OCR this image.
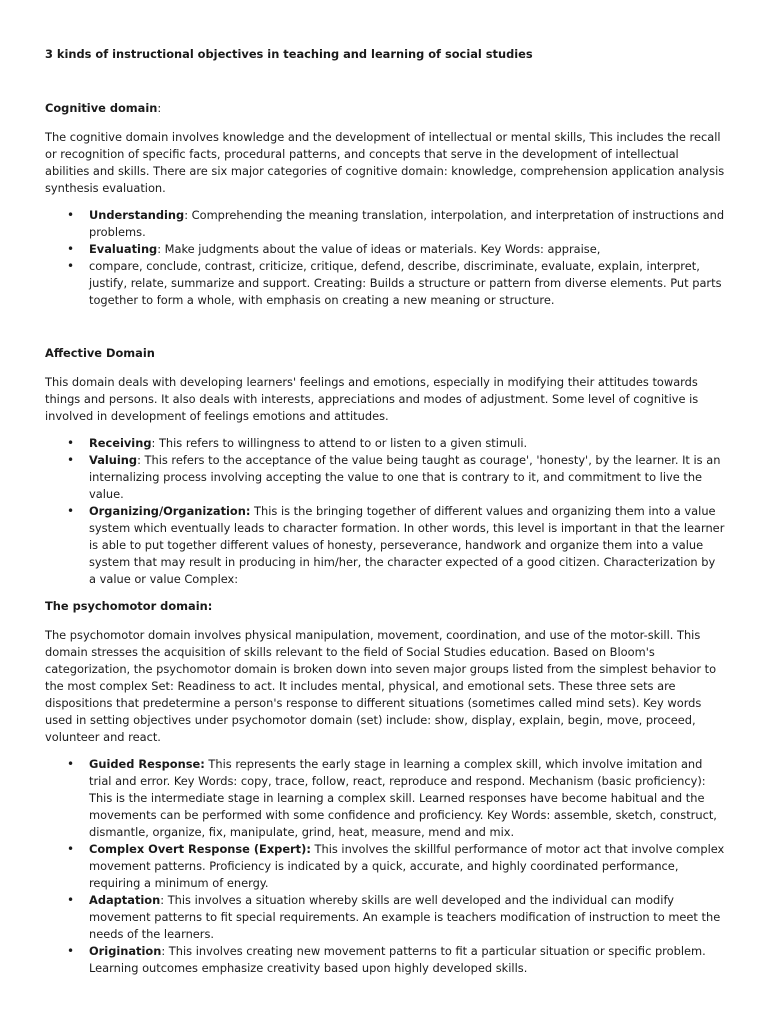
3 kinds of instructional objectives in teaching and learning of social studies
Cognitive domain:

The cognitive domain involves knowledge and the development of intellectual or mental skills, This includes the recall or recognition of specific facts, procedural patterns, and concepts that serve in the development of intellectual abilities and skills. There are six major categories of cognitive domain: knowledge, comprehension application analysis synthesis evaluation.

• Understanding: Comprehending the meaning translation, interpolation, and interpretation of instructions and problems.
• Evaluating: Make judgments about the value of ideas or materials. Key Words: appraise,
• compare, conclude, contrast, criticize, critique, defend, describe, discriminate, evaluate, explain, interpret, justify, relate, summarize and support. Creating: Builds a structure or pattern from diverse elements. Put parts together to form a whole, with emphasis on creating a new meaning or structure.
Affective Domain

This domain deals with developing learners' feelings and emotions, especially in modifying their attitudes towards things and persons. It also deals with interests, appreciations and modes of adjustment. Some level of cognitive is involved in development of feelings emotions and attitudes.

• Receiving: This refers to willingness to attend to or listen to a given stimuli.
• Valuing: This refers to the acceptance of the value being taught as courage', 'honesty', by the learner. It is an internalizing process involving accepting the value to one that is contrary to it, and commitment to live the value.
• Organizing/Organization: This is the bringing together of different values and organizing them into a value system which eventually leads to character formation. In other words, this level is important in that the learner is able to put together different values of honesty, perseverance, handwork and organize them into a value system that may result in producing in him/her, the character expected of a good citizen. Characterization by a value or value Complex:
The psychomotor domain:

The psychomotor domain involves physical manipulation, movement, coordination, and use of the motor-skill. This domain stresses the acquisition of skills relevant to the field of Social Studies education. Based on Bloom's categorization, the psychomotor domain is broken down into seven major groups listed from the simplest behavior to the most complex Set: Readiness to act. It includes mental, physical, and emotional sets. These three sets are dispositions that predetermine a person's response to different situations (sometimes called mind sets). Key words used in setting objectives under psychomotor domain (set) include: show, display, explain, begin, move, proceed, volunteer and react.

• Guided Response: This represents the early stage in learning a complex skill, which involve imitation and trial and error. Key Words: copy, trace, follow, react, reproduce and respond. Mechanism (basic proficiency): This is the intermediate stage in learning a complex skill. Learned responses have become habitual and the movements can be performed with some confidence and proficiency. Key Words: assemble, sketch, construct, dismantle, organize, fix, manipulate, grind, heat, measure, mend and mix.
• Complex Overt Response (Expert): This involves the skillful performance of motor act that involve complex movement patterns. Proficiency is indicated by a quick, accurate, and highly coordinated performance, requiring a minimum of energy.
• Adaptation: This involves a situation whereby skills are well developed and the individual can modify movement patterns to fit special requirements. An example is teachers modification of instruction to meet the needs of the learners.
• Origination: This involves creating new movement patterns to fit a particular situation or specific problem. Learning outcomes emphasize creativity based upon highly developed skills.
